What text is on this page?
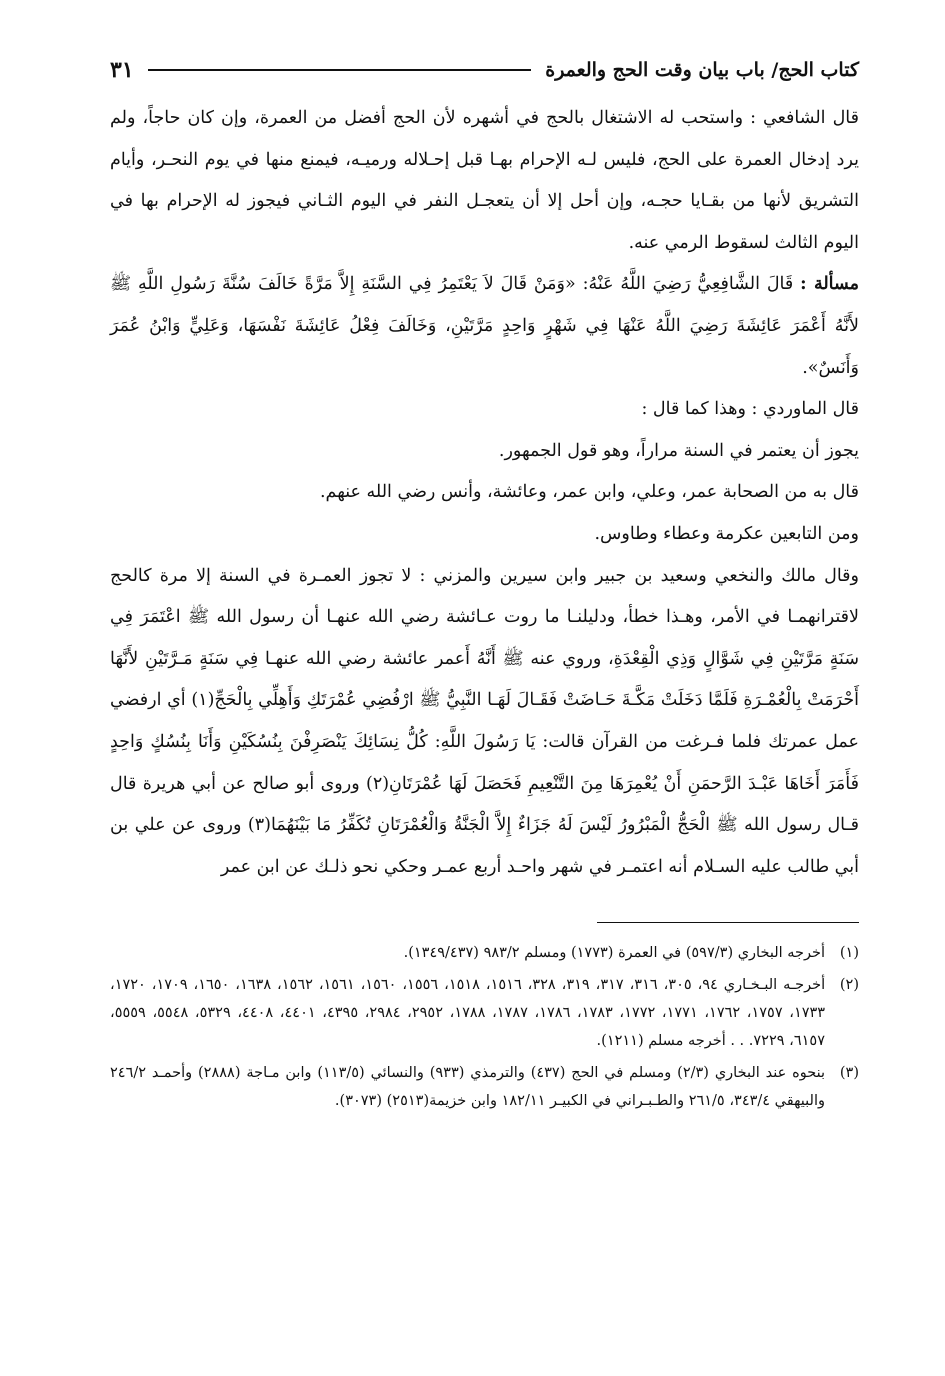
كتاب الحج/ باب بيان وقت الحج والعمرة
٣١

قال الشافعي : واستحب له الاشتغال بالحج في أشهره لأن الحج أفضل من العمرة، وإن كان حاجاً، ولم يرد إدخال العمرة على الحج، فليس لـه الإحرام بهـا قبل إحـلاله ورميـه، فيمنع منها في يوم النحـر، وأيام التشريق لأنها من بقـايا حجـه، وإن أحل إلا أن يتعجـل النفر في اليوم الثـاني فيجوز له الإحرام بها في اليوم الثالث لسقوط الرمي عنه.

مسألة : قَالَ الشَّافِعِيُّ رَضِيَ اللَّهُ عَنْهُ: «وَمَنْ قَالَ لاَ يَعْتَمِرُ فِي السَّنَةِ إِلاَّ مَرَّةً خَالَفَ سُنَّةَ رَسُولِ اللَّهِ ﷺ لأَنَّهُ أَعْمَرَ عَائِشَةَ رَضِيَ اللَّهُ عَنْهَا فِي شَهْرٍ وَاحِدٍ مَرَّتَيْنِ، وَخَالَفَ فِعْلُ عَائِشَةَ نَفْسَهَا، وَعَلِيٍّ وَابْنُ عُمَرَ وَأَنَسٌ».

قال الماوردي : وهذا كما قال :

يجوز أن يعتمر في السنة مراراً، وهو قول الجمهور.

قال به من الصحابة عمر، وعلي، وابن عمر، وعائشة، وأنس رضي الله عنهم.

ومن التابعين عكرمة وعطاء وطاوس.

وقال مالك والنخعي وسعيد بن جبير وابن سيرين والمزني : لا تجوز العمـرة في السنة إلا مرة كالحج لاقترانهمـا في الأمر، وهـذا خطأ، ودليلنـا ما روت عـائشة رضي الله عنهـا أن رسول الله ﷺ اعْتَمَرَ فِي سَنَةٍ مَرَّتَيْنِ فِي شَوَّالٍ وَذِي الْقِعْدَةِ، وروي عنه ﷺ أَنَّهُ أَعمر عائشة رضي الله عنهـا فِي سَنَةٍ مَـرَّتَيْنِ لأَنَّهَا أَحْرَمَتْ بِالْعُمْـرَةِ فَلَمَّا دَخَلَتْ مَكَّـةَ حَـاضَتْ فَقَـالَ لَهَـا النَّبِيُّ ﷺ ارْفُضِي عُمْرَتَكِ وَأَهِلِّي بِالْحَجِّ(١) أي ارفضي عمل عمرتك فلما فـرغت من القرآن قالت: يَا رَسُولَ اللَّهِ: كُلُّ نِسَائِكَ يَنْصَرِفْنَ بِنُسُكَيْنِ وَأَنَا بِنُسُكٍ وَاحِدٍ فَأَمَرَ أَخَاهَا عَبْـدَ الرَّحمَنِ أَنْ يُعْمِرَهَا مِنَ التَّنْعِيمِ فَحَصَلَ لَهَا عُمْرَتَانِ(٢) وروى أبو صالح عن أبي هريرة قال قـال رسول الله ﷺ الْحَجُّ الْمَبْرُورُ لَيْسَ لَهُ جَزَاءٌ إِلاَّ الْجَنَّةُ وَالْعُمْرَتَانِ تُكَفِّرُ مَا بَيْنَهُمَا(٣) وروى عن علي بن أبي طالب عليه السـلام أنه اعتمـر في شهر واحـد أربع عمـر وحكي نحو ذلـك عن ابن عمر

(١)
أخرجه البخاري (٥٩٧/٣) في العمرة (١٧٧٣) ومسلم ٩٨٣/٢ (١٣٤٩/٤٣٧).
(٢)
أخرجـه البـخـاري ٩٤، ٣٠٥، ٣١٦، ٣١٧، ٣١٩، ٣٢٨، ١٥١٦، ١٥١٨، ١٥٥٦، ١٥٦٠، ١٥٦١، ١٥٦٢، ١٦٣٨، ١٦٥٠، ١٧٠٩، ١٧٢٠، ١٧٣٣، ١٧٥٧، ١٧٦٢، ١٧٧١، ١٧٧٢، ١٧٨٣، ١٧٨٦، ١٧٨٧، ١٧٨٨، ٢٩٥٢، ٢٩٨٤، ٤٣٩٥، ٤٤٠١، ٤٤٠٨، ٥٣٢٩، ٥٥٤٨، ٥٥٥٩، ٦١٥٧، ٧٢٢٩. . . أخرجه مسلم (١٢١١).
(٣)
بنحوه عند البخاري (٢/٣) ومسلم في الحج (٤٣٧) والترمذي (٩٣٣) والنسائي (١١٣/٥) وابن مـاجة (٢٨٨٨) وأحمـد ٢٤٦/٢ والبيهقي ٣٤٣/٤، ٢٦١/٥ والطـبـراني في الكبيـر ١٨٢/١١ وابن خزيمة(٢٥١٣) (٣٠٧٣).
